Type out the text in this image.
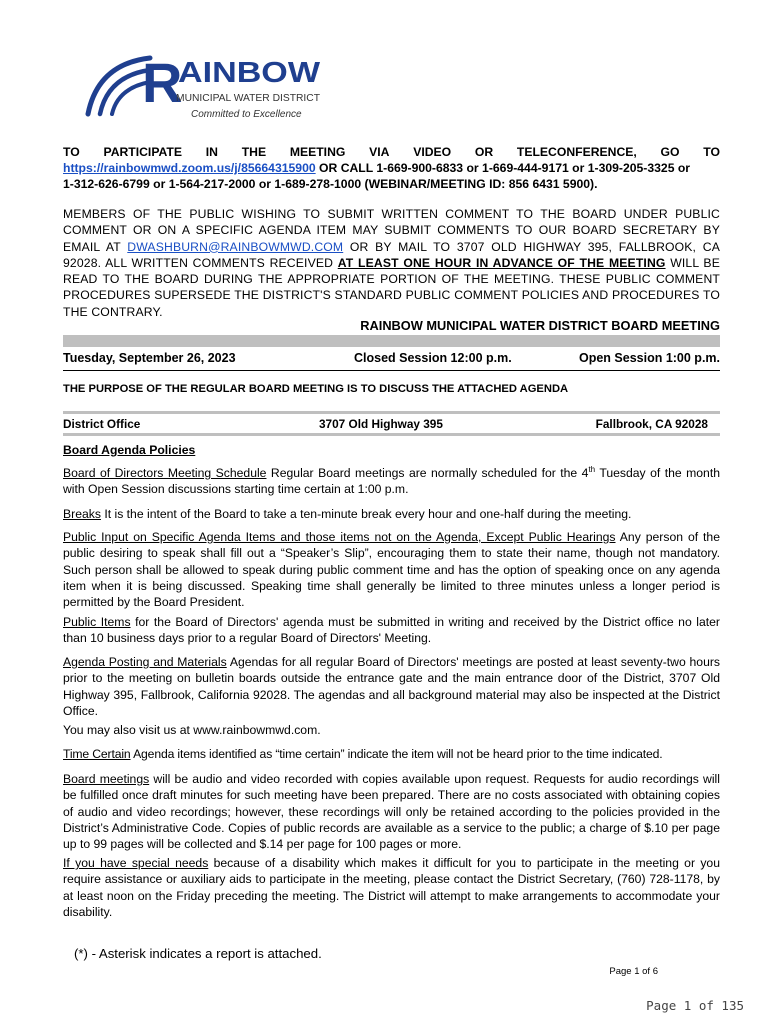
R
AINBOW
MUNICIPAL WATER DISTRICT
Committed to Excellence
TO PARTICIPATE IN THE MEETING VIA VIDEO OR TELECONFERENCE, GO TO
https://rainbowmwd.zoom.us/j/85664315900 OR CALL 1-669-900-6833 or 1-669-444-9171 or 1-309-205-3325 or
1-312-626-6799 or 1-564-217-2000 or 1-689-278-1000 (WEBINAR/MEETING ID: 856 6431 5900).
MEMBERS OF THE PUBLIC WISHING TO SUBMIT WRITTEN COMMENT TO THE BOARD UNDER PUBLIC COMMENT OR ON A SPECIFIC AGENDA ITEM MAY SUBMIT COMMENTS TO OUR BOARD SECRETARY BY EMAIL AT DWASHBURN@RAINBOWMWD.COM OR BY MAIL TO 3707 OLD HIGHWAY 395, FALLBROOK, CA 92028. ALL WRITTEN COMMENTS RECEIVED AT LEAST ONE HOUR IN ADVANCE OF THE MEETING WILL BE READ TO THE BOARD DURING THE APPROPRIATE PORTION OF THE MEETING. THESE PUBLIC COMMENT PROCEDURES SUPERSEDE THE DISTRICT'S STANDARD PUBLIC COMMENT POLICIES AND PROCEDURES TO THE CONTRARY.
RAINBOW MUNICIPAL WATER DISTRICT BOARD MEETING
Tuesday, September 26, 2023	Closed Session 12:00 p.m.	Open Session 1:00 p.m.
THE PURPOSE OF THE REGULAR BOARD MEETING IS TO DISCUSS THE ATTACHED AGENDA
District Office	3707 Old Highway 395	Fallbrook, CA 92028
Board Agenda Policies
Board of Directors Meeting Schedule Regular Board meetings are normally scheduled for the 4th Tuesday of the month with Open Session discussions starting time certain at 1:00 p.m.
Breaks It is the intent of the Board to take a ten-minute break every hour and one-half during the meeting.
Public Input on Specific Agenda Items and those items not on the Agenda, Except Public Hearings Any person of the public desiring to speak shall fill out a “Speaker’s Slip”, encouraging them to state their name, though not mandatory. Such person shall be allowed to speak during public comment time and has the option of speaking once on any agenda item when it is being discussed. Speaking time shall generally be limited to three minutes unless a longer period is permitted by the Board President.
Public Items for the Board of Directors' agenda must be submitted in writing and received by the District office no later than 10 business days prior to a regular Board of Directors' Meeting.
Agenda Posting and Materials Agendas for all regular Board of Directors' meetings are posted at least seventy-two hours prior to the meeting on bulletin boards outside the entrance gate and the main entrance door of the District, 3707 Old Highway 395, Fallbrook, California 92028. The agendas and all background material may also be inspected at the District Office.
You may also visit us at www.rainbowmwd.com.
Time Certain Agenda items identified as “time certain” indicate the item will not be heard prior to the time indicated.
Board meetings will be audio and video recorded with copies available upon request. Requests for audio recordings will be fulfilled once draft minutes for such meeting have been prepared. There are no costs associated with obtaining copies of audio and video recordings; however, these recordings will only be retained according to the policies provided in the District’s Administrative Code. Copies of public records are available as a service to the public; a charge of $.10 per page up to 99 pages will be collected and $.14 per page for 100 pages or more.
If you have special needs because of a disability which makes it difficult for you to participate in the meeting or you require assistance or auxiliary aids to participate in the meeting, please contact the District Secretary, (760) 728-1178, by at least noon on the Friday preceding the meeting. The District will attempt to make arrangements to accommodate your disability.
(*) - Asterisk indicates a report is attached.
Page 1 of 6
Page 1 of 135
